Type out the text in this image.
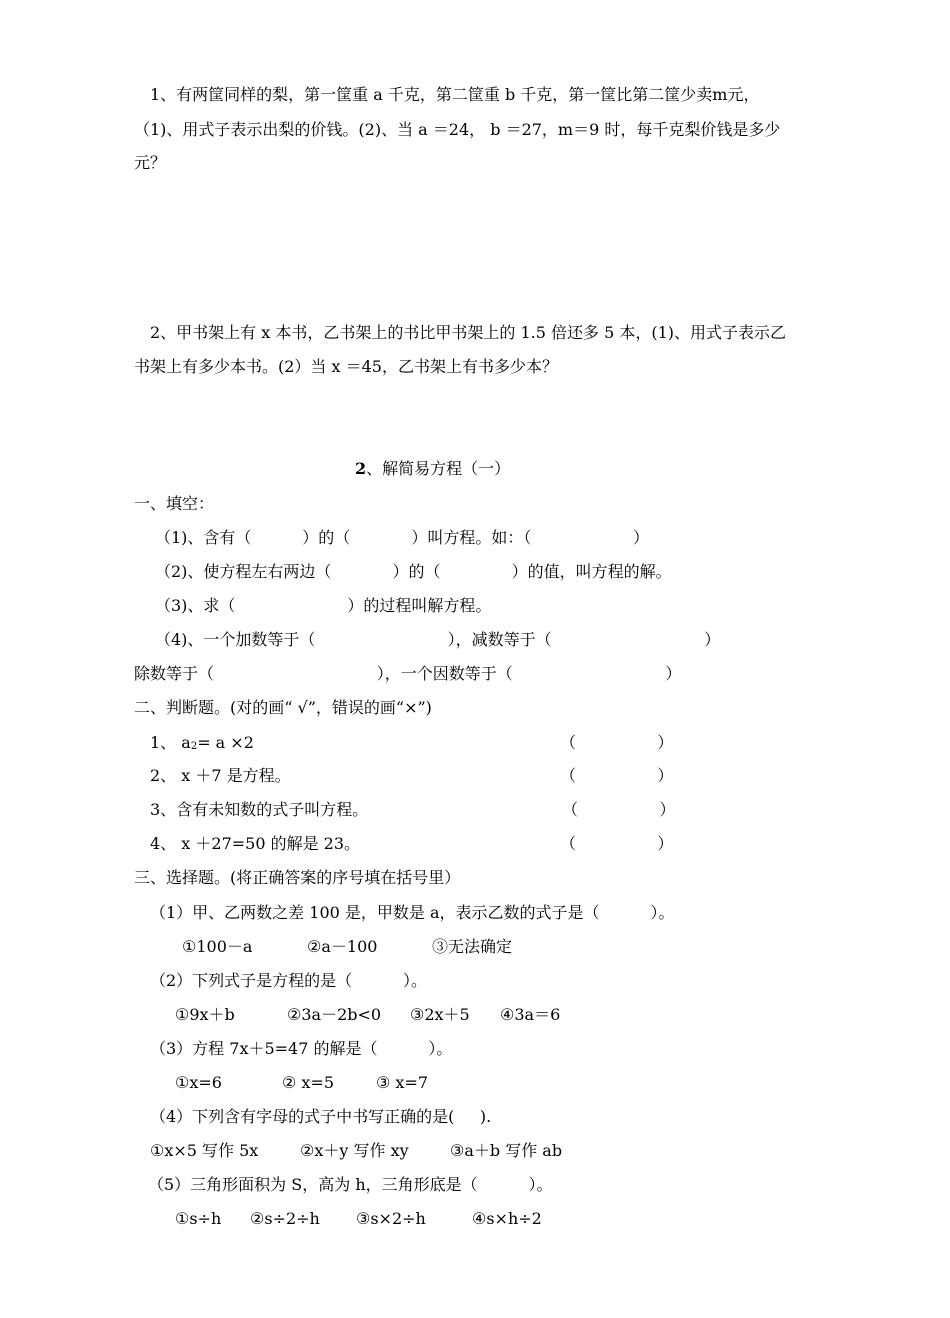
1、有两筐同样的梨，第一筐重 a 千克，第二筐重 b 千克，第一筐比第二筐少卖m元，
（1)、用式子表示出梨的价钱。(2)、当 a ＝24， b ＝27，m＝9 时，每千克梨价钱是多少
元？
2、甲书架上有 x 本书，乙书架上的书比甲书架上的 1.5 倍还多 5 本，(1)、用式子表示乙
书架上有多少本书。(2）当 x ＝45，乙书架上有书多少本？
2、解简易方程（一）
一、填空：
（1)、含有（          ）的（            ）叫方程。如：（                    ）
（2)、使方程左右两边（            ）的（              ）的值，叫方程的解。
（3)、求（                      ）的过程叫解方程。
（4)、一个加数等于（                          ），减数等于（                              ）
除数等于（                                ），一个因数等于（                              ）
二、判断题。(对的画“ √”，错误的画“×”)
1、 a2= a ×2	（                ）
2、 x ＋7 是方程。	（                ）
3、含有未知数的式子叫方程。	（                ）
4、 x ＋27=50 的解是 23。	（                ）
三、选择题。(将正确答案的序号填在括号里）
（1）甲、乙两数之差 100 是，甲数是 a，表示乙数的式子是（          ）。
①100－a	②a－100	③无法确定
（2）下列式子是方程的是（          ）。
①9x＋b	②3a－2b<0 ③2x＋5 ④3a＝6
（3）方程 7x＋5=47 的解是（          ）。
①x=6	② x=5	③ x=7
（4）下列含有字母的式子中书写正确的是(     ).
①x×5 写作 5x	②x＋y 写作 xy	③a＋b 写作 ab
（5）三角形面积为 S，高为 h，三角形底是（          ）。
①s÷h ②s÷2÷h ③s×2÷h	④s×h÷2
